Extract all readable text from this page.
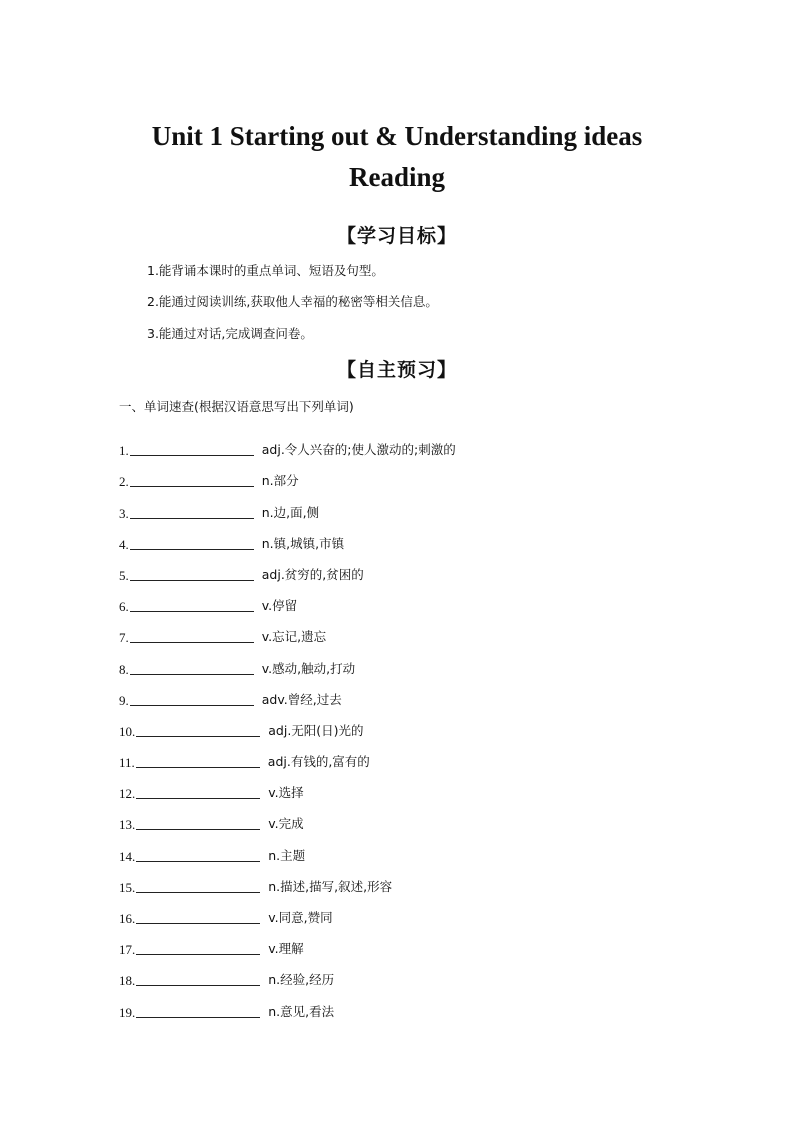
Unit 1 Starting out & Understanding ideas
Reading
【学习目标】
1.能背诵本课时的重点单词、短语及句型。
2.能通过阅读训练,获取他人幸福的秘密等相关信息。
3.能通过对话,完成调查问卷。
【自主预习】
一、单词速查(根据汉语意思写出下列单词)
1.	adj.令人兴奋的;使人激动的;刺激的
2.	n.部分
3.	n.边,面,侧
4.	n.镇,城镇,市镇
5.	adj.贫穷的,贫困的
6.	v.停留
7.	v.忘记,遗忘
8.	v.感动,触动,打动
9.	adv.曾经,过去
10.	adj.无阳(日)光的
11.	adj.有钱的,富有的
12.	v.选择
13.	v.完成
14.	n.主题
15.	n.描述,描写,叙述,形容
16.	v.同意,赞同
17.	v.理解
18.	n.经验,经历
19.	n.意见,看法
